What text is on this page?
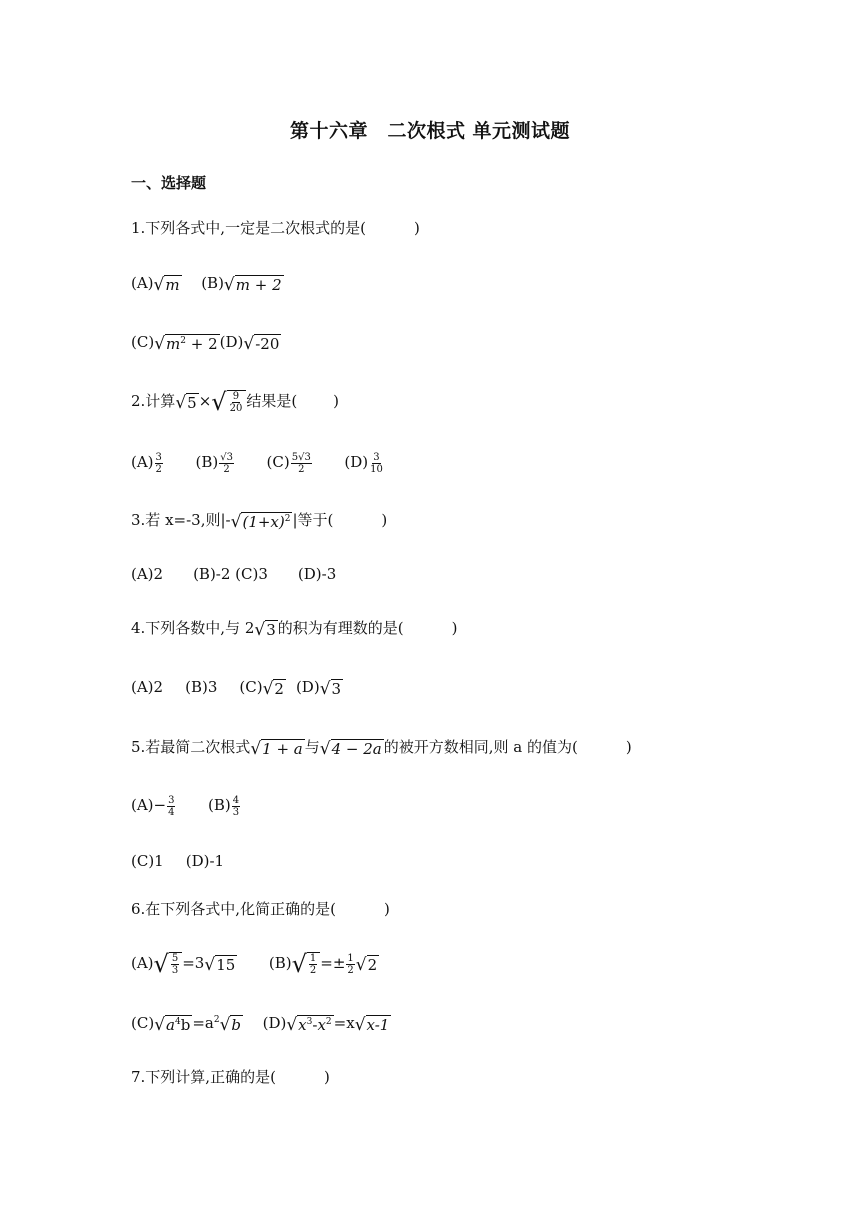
第十六章　二次根式 单元测试题
一、选择题
1.下列各式中,一定是二次根式的是(	)
(A)√m (B)√m + 2
$(C)√m^2 + 2$ (D)√-20
2.计算√5 ×√ $\frac{9}{20}$ 结果是( )
$(A) \frac{3}{2} (B) \frac{√3}{2} (C) \frac{5√3}{2} (D) \frac{3}{10}$
3.若 x=-3,则$|-√(1+x)^2$ |等于(	)
(A)2　　(B)-2 (C)3　　(D)-3
4.下列各数中,与 2√3 的积为有理数的是(	)
(A)2 (B)3 (C)√2 (D)√3
5.若最简二次根式√1 + a 与√4 − 2a 的被开方数相同,则 a 的值为(	)
$(A)- \frac{3}{4} (B) \frac{4}{3}$
(C)1 (D)-1
6.在下列各式中,化简正确的是(	)
$(A)√ \frac{5}{3} =3√15$ $(B)√ \frac{1}{2} =\pm \frac{1}{2} √2$
$(C)√a^4b =a^2√b$ $(D)√x^3-x^2 =x√x-1$
7.下列计算,正确的是(	)
